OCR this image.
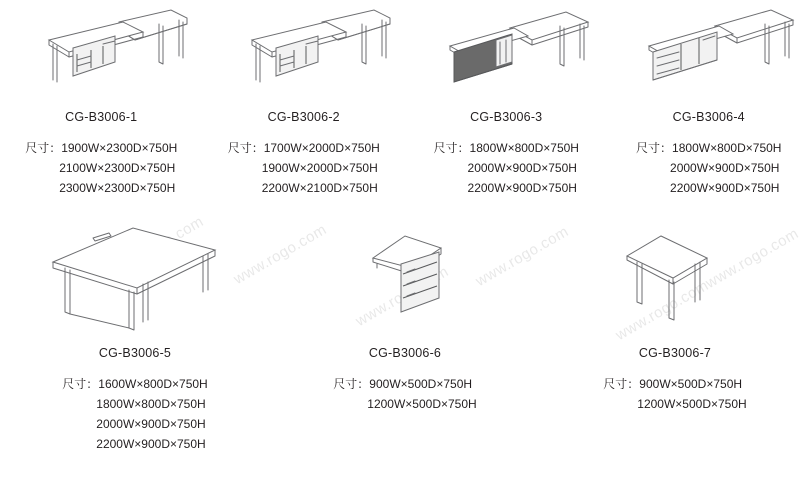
www.rogo.com	www.rogo.com
www.rogo.com
www.rogo.com
CG-B3006-1
尺寸：1900W×2300D×750H
2100W×2300D×750H
2300W×2300D×750H
CG-B3006-2
尺寸：1700W×2000D×750H
1900W×2000D×750H
2200W×2100D×750H
CG-B3006-3
尺寸：1800W×800D×750H
2000W×900D×750H
2200W×900D×750H
CG-B3006-4
尺寸：1800W×800D×750H
2000W×900D×750H
2200W×900D×750H
CG-B3006-5
尺寸：1600W×800D×750H
1800W×800D×750H
2000W×900D×750H
2200W×900D×750H
CG-B3006-6
尺寸：900W×500D×750H
1200W×500D×750H
CG-B3006-7
尺寸：900W×500D×750H
1200W×500D×750H
